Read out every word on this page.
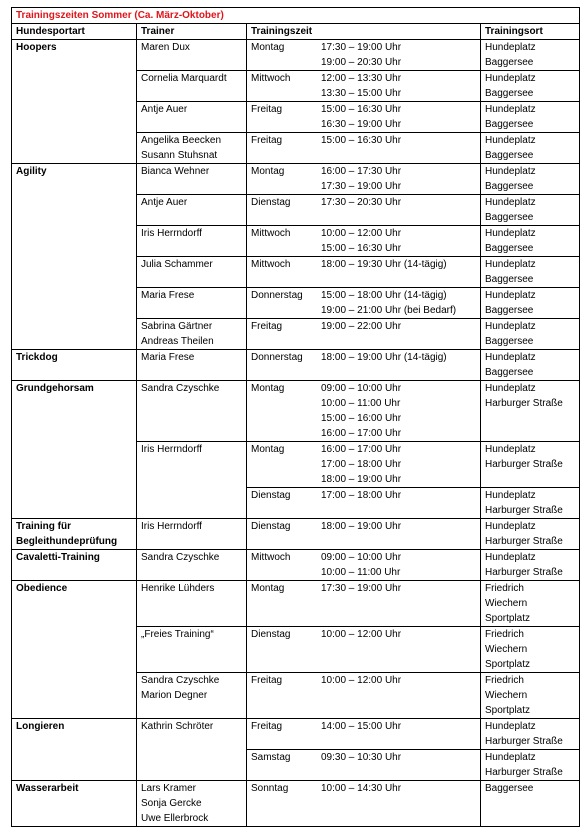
Trainingszeiten Sommer (Ca. März-Oktober)			
Hundesportart	Trainer	Trainingszeit	Trainingsort
Hoopers	Maren Dux	Montag 17:30 – 19:00 Uhr
19:00 – 20:30 Uhr	Hundeplatz
Baggersee

	Cornelia Marquardt	Mittwoch 12:00 – 13:30 Uhr
13:30 – 15:00 Uhr	Hundeplatz
Baggersee

	Antje Auer	Freitag 15:00 – 16:30 Uhr
16:30 – 19:00 Uhr	Hundeplatz
Baggersee

	Angelika Beecken
Susann Stuhsnat	Freitag 15:00 – 16:30 Uhr	Hundeplatz
Baggersee

Agility	Bianca Wehner	Montag 16:00 – 17:30 Uhr
17:30 – 19:00 Uhr	Hundeplatz
Baggersee

	Antje Auer	Dienstag 17:30 – 20:30 Uhr	Hundeplatz
Baggersee

	Iris Herrndorff	Mittwoch 10:00 – 12:00 Uhr
15:00 – 16:30 Uhr	Hundeplatz
Baggersee

	Julia Schammer	Mittwoch 18:00 – 19:30 Uhr (14-tägig)	Hundeplatz
Baggersee

	Maria Frese	Donnerstag 15:00 – 18:00 Uhr (14-tägig)
19:00 – 21:00 Uhr (bei Bedarf)	Hundeplatz
Baggersee

	Sabrina Gärtner
Andreas Theilen	Freitag 19:00 – 22:00 Uhr	Hundeplatz
Baggersee

Trickdog	Maria Frese	Donnerstag 18:00 – 19:00 Uhr (14-tägig)	Hundeplatz
Baggersee

Grundgehorsam	Sandra Czyschke	Montag 09:00 – 10:00 Uhr
10:00 – 11:00 Uhr
15:00 – 16:00 Uhr
16:00 – 17:00 Uhr	Hundeplatz
Harburger Straße

	Iris Herrndorff	Montag 16:00 – 17:00 Uhr
17:00 – 18:00 Uhr
18:00 – 19:00 Uhr	Hundeplatz
Harburger Straße

		Dienstag 17:00 – 18:00 Uhr	Hundeplatz
Harburger Straße

Training für Begleithundeprüfung	Iris Herrndorff	Dienstag 18:00 – 19:00 Uhr	Hundeplatz
Harburger Straße

Cavaletti-Training	Sandra Czyschke	Mittwoch 09:00 – 10:00 Uhr
10:00 – 11:00 Uhr	Hundeplatz
Harburger Straße

Obedience	Henrike Lühders	Montag 17:30 – 19:00 Uhr	Friedrich
Wiechern
Sportplatz

	„Freies Training“	Dienstag 10:00 – 12:00 Uhr	Friedrich
Wiechern
Sportplatz

	Sandra Czyschke
Marion Degner	Freitag 10:00 – 12:00 Uhr	Friedrich
Wiechern
Sportplatz

Longieren	Kathrin Schröter	Freitag 14:00 – 15:00 Uhr	Hundeplatz
Harburger Straße

		Samstag 09:30 – 10:30 Uhr	Hundeplatz
Harburger Straße

Wasserarbeit	Lars Kramer
Sonja Gercke
Uwe Ellerbrock	Sonntag 10:00 – 14:30 Uhr	Baggersee
